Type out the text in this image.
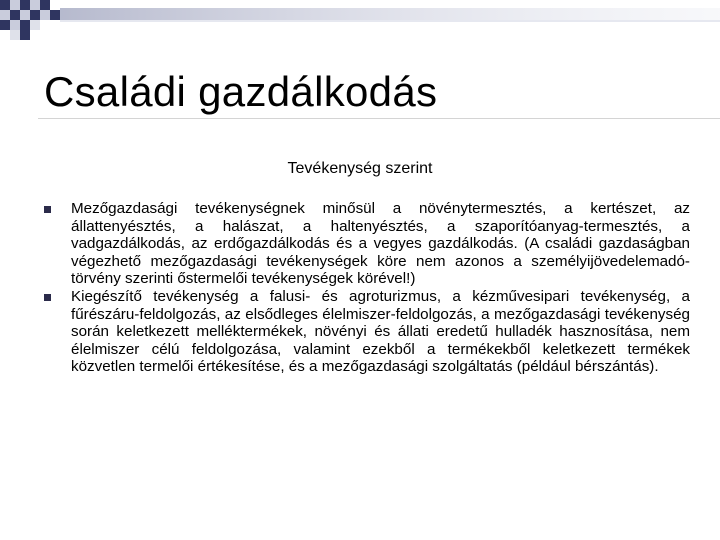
Családi gazdálkodás

Tevékenység szerint

Mezőgazdasági tevékenységnek minősül a növénytermesztés, a kertészet, az állattenyésztés, a halászat, a haltenyésztés, a szaporítóanyag-termesztés, a vadgazdálkodás, az erdőgazdálkodás és a vegyes gazdálkodás. (A családi gazdaságban végezhető mezőgazdasági tevékenységek köre nem azonos a személyijövedelemadó- törvény szerinti őstermelői tevékenységek körével!)
Kiegészítő tevékenység a falusi- és agroturizmus, a kézművesipari tevékenység, a fűrészáru-feldolgozás, az elsődleges élelmiszer-feldolgozás, a mezőgazdasági tevékenység során keletkezett melléktermékek, növényi és állati eredetű hulladék hasznosítása, nem élelmiszer célú feldolgozása, valamint ezekből a termékekből keletkezett termékek közvetlen termelői értékesítése, és a mezőgazdasági szolgáltatás (például bérszántás).
